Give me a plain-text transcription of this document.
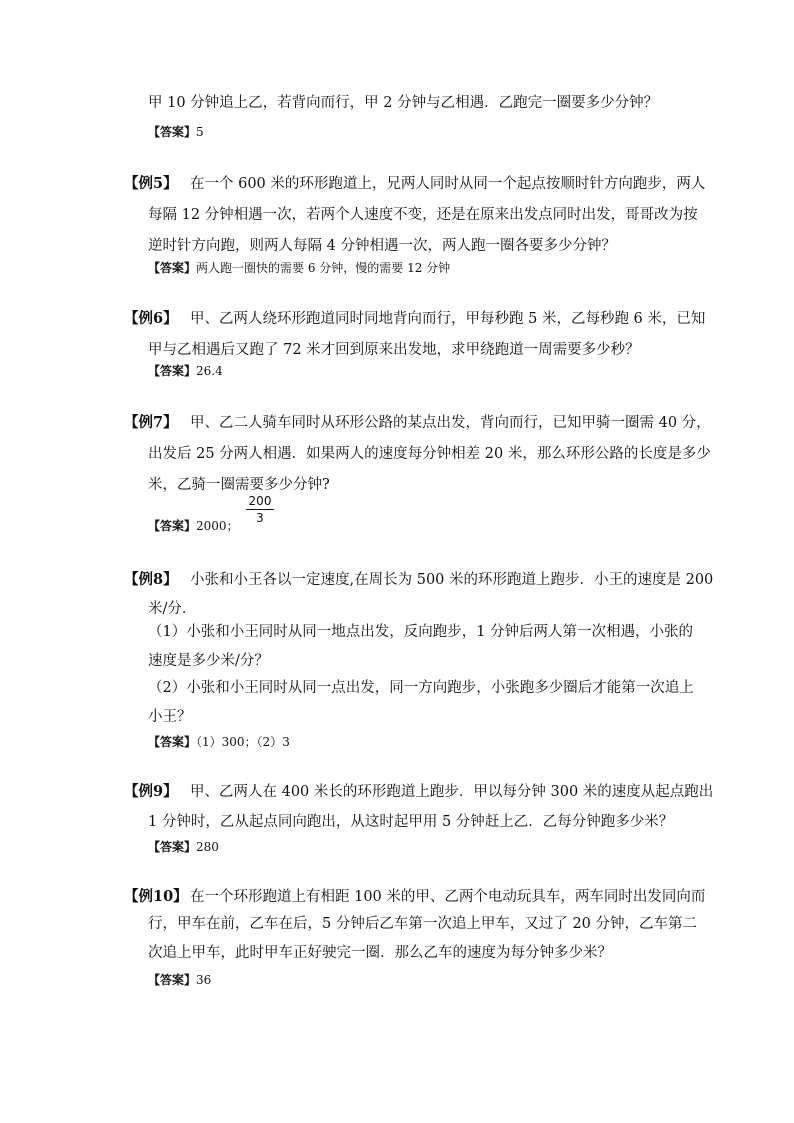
甲 10 分钟追上乙，若背向而行，甲 2 分钟与乙相遇．乙跑完一圈要多少分钟？
【答案】5
【例5】 在一个 600 米的环形跑道上，兄两人同时从同一个起点按顺时针方向跑步，两人
每隔 12 分钟相遇一次，若两个人速度不变，还是在原来出发点同时出发，哥哥改为按
逆时针方向跑，则两人每隔 4 分钟相遇一次，两人跑一圈各要多少分钟？
【答案】两人跑一圈快的需要 6 分钟，慢的需要 12 分钟
【例6】 甲、乙两人绕环形跑道同时同地背向而行，甲每秒跑 5 米，乙每秒跑 6 米，已知
甲与乙相遇后又跑了 72 米才回到原来出发地，求甲绕跑道一周需要多少秒？
【答案】26.4
【例7】 甲、乙二人骑车同时从环形公路的某点出发，背向而行，已知甲骑一圈需 40 分，
出发后 25 分两人相遇．如果两人的速度每分钟相差 20 米，那么环形公路的长度是多少
米，乙骑一圈需要多少分钟?
【答案】2000；
$\frac{200}{3}$
【例8】 小张和小王各以一定速度,在周长为 500 米的环形跑道上跑步．小王的速度是 200
米/分．
（1）小张和小王同时从同一地点出发，反向跑步，1 分钟后两人第一次相遇，小张的
速度是多少米/分？
（2）小张和小王同时从同一点出发，同一方向跑步，小张跑多少圈后才能第一次追上
小王？
【答案】（1）300；（2）3
【例9】 甲、乙两人在 400 米长的环形跑道上跑步．甲以每分钟 300 米的速度从起点跑出
1 分钟时，乙从起点同向跑出，从这时起甲用 5 分钟赶上乙．乙每分钟跑多少米？
【答案】280
【例10】 在一个环形跑道上有相距 100 米的甲、乙两个电动玩具车，两车同时出发同向而
行，甲车在前，乙车在后，5 分钟后乙车第一次追上甲车，又过了 20 分钟，乙车第二
次追上甲车，此时甲车正好驶完一圈．那么乙车的速度为每分钟多少米？
【答案】36
